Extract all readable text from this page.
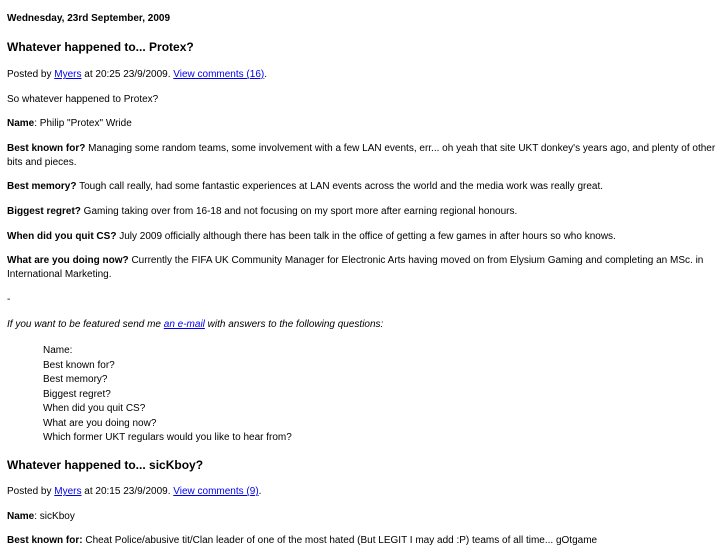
Wednesday, 23rd September, 2009
Whatever happened to... Protex?
Posted by Myers at 20:25 23/9/2009. View comments (16).
So whatever happened to Protex?
Name: Philip "Protex" Wride
Best known for? Managing some random teams, some involvement with a few LAN events, err... oh yeah that site UKT donkey's years ago, and plenty of other bits and pieces.
Best memory? Tough call really, had some fantastic experiences at LAN events across the world and the media work was really great.
Biggest regret? Gaming taking over from 16-18 and not focusing on my sport more after earning regional honours.
When did you quit CS? July 2009 officially although there has been talk in the office of getting a few games in after hours so who knows.
What are you doing now? Currently the FIFA UK Community Manager for Electronic Arts having moved on from Elysium Gaming and completing an MSc. in International Marketing.
-
If you want to be featured send me an e-mail with answers to the following questions:
Name:
Best known for?
Best memory?
Biggest regret?
When did you quit CS?
What are you doing now?
Which former UKT regulars would you like to hear from?
Whatever happened to... sicKboy?
Posted by Myers at 20:15 23/9/2009. View comments (9).
Name: sicKboy
Best known for: Cheat Police/abusive tit/Clan leader of one of the most hated (But LEGIT I may add :P) teams of all time... gOtgame
